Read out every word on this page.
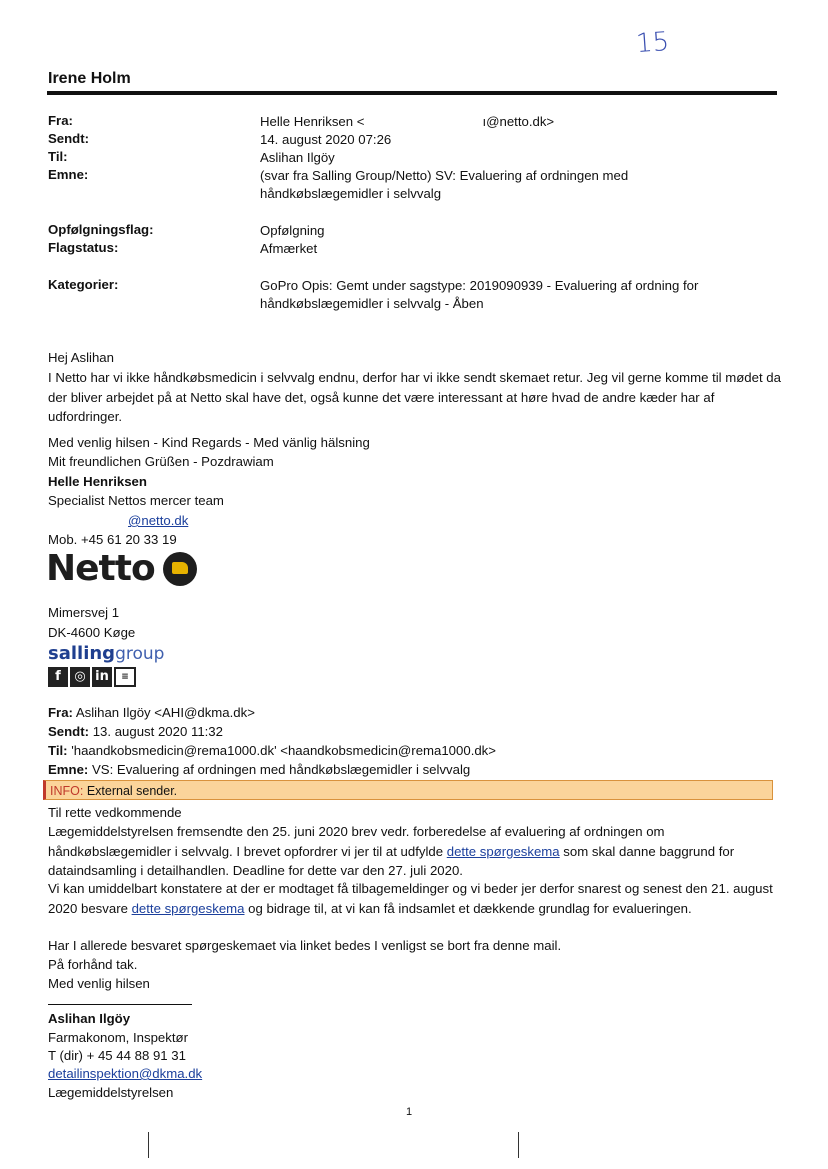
15
Irene Holm
Fra:	Helle Henriksen <	ı@netto.dk>
Sendt:	14. august 2020 07:26
Til:	Aslihan Ilgöy
Emne:	(svar fra Salling Group/Netto) SV: Evaluering af ordningen med håndkøbslægemidler i selvvalg
Opfølgningsflag:	Opfølgning
Flagstatus:	Afmærket
Kategorier:	GoPro Opis: Gemt under sagstype: 2019090939 - Evaluering af ordning for håndkøbslægemidler i selvvalg - Åben
Hej Aslihan
I Netto har vi ikke håndkøbsmedicin i selvvalg endnu, derfor har vi ikke sendt skemaet retur. Jeg vil gerne komme til mødet da der bliver arbejdet på at Netto skal have det, også kunne det være interessant at høre hvad de andre kæder har af udfordringer.
Med venlig hilsen - Kind Regards - Med vänlig hälsning
Mit freundlichen Grüßen - Pozdrawiam
Helle Henriksen
Specialist Nettos mercer team
@netto.dk
Mob. +45 61 20 33 19
Netto
Mimersvej 1
DK-4600 Køge
sallinggroup
f	◎ in	≡
Fra: Aslihan Ilgöy <AHI@dkma.dk>
Sendt: 13. august 2020 11:32
Til: 'haandkobsmedicin@rema1000.dk' <haandkobsmedicin@rema1000.dk>
Emne: VS: Evaluering af ordningen med håndkøbslægemidler i selvvalg
INFO: External sender.
Til rette vedkommende
Lægemiddelstyrelsen fremsendte den 25. juni 2020 brev vedr. forberedelse af evaluering af ordningen om håndkøbslægemidler i selvvalg. I brevet opfordrer vi jer til at udfylde dette spørgeskema som skal danne baggrund for dataindsamling i detailhandlen. Deadline for dette var den 27. juli 2020.
Vi kan umiddelbart konstatere at der er modtaget få tilbagemeldinger og vi beder jer derfor snarest og senest den 21. august 2020 besvare dette spørgeskema og bidrage til, at vi kan få indsamlet et dækkende grundlag for evalueringen.
Har I allerede besvaret spørgeskemaet via linket bedes I venligst se bort fra denne mail.
På forhånd tak.
Med venlig hilsen
Aslihan Ilgöy
Farmakonom, Inspektør
T (dir) + 45 44 88 91 31
detailinspektion@dkma.dk
Lægemiddelstyrelsen
1
